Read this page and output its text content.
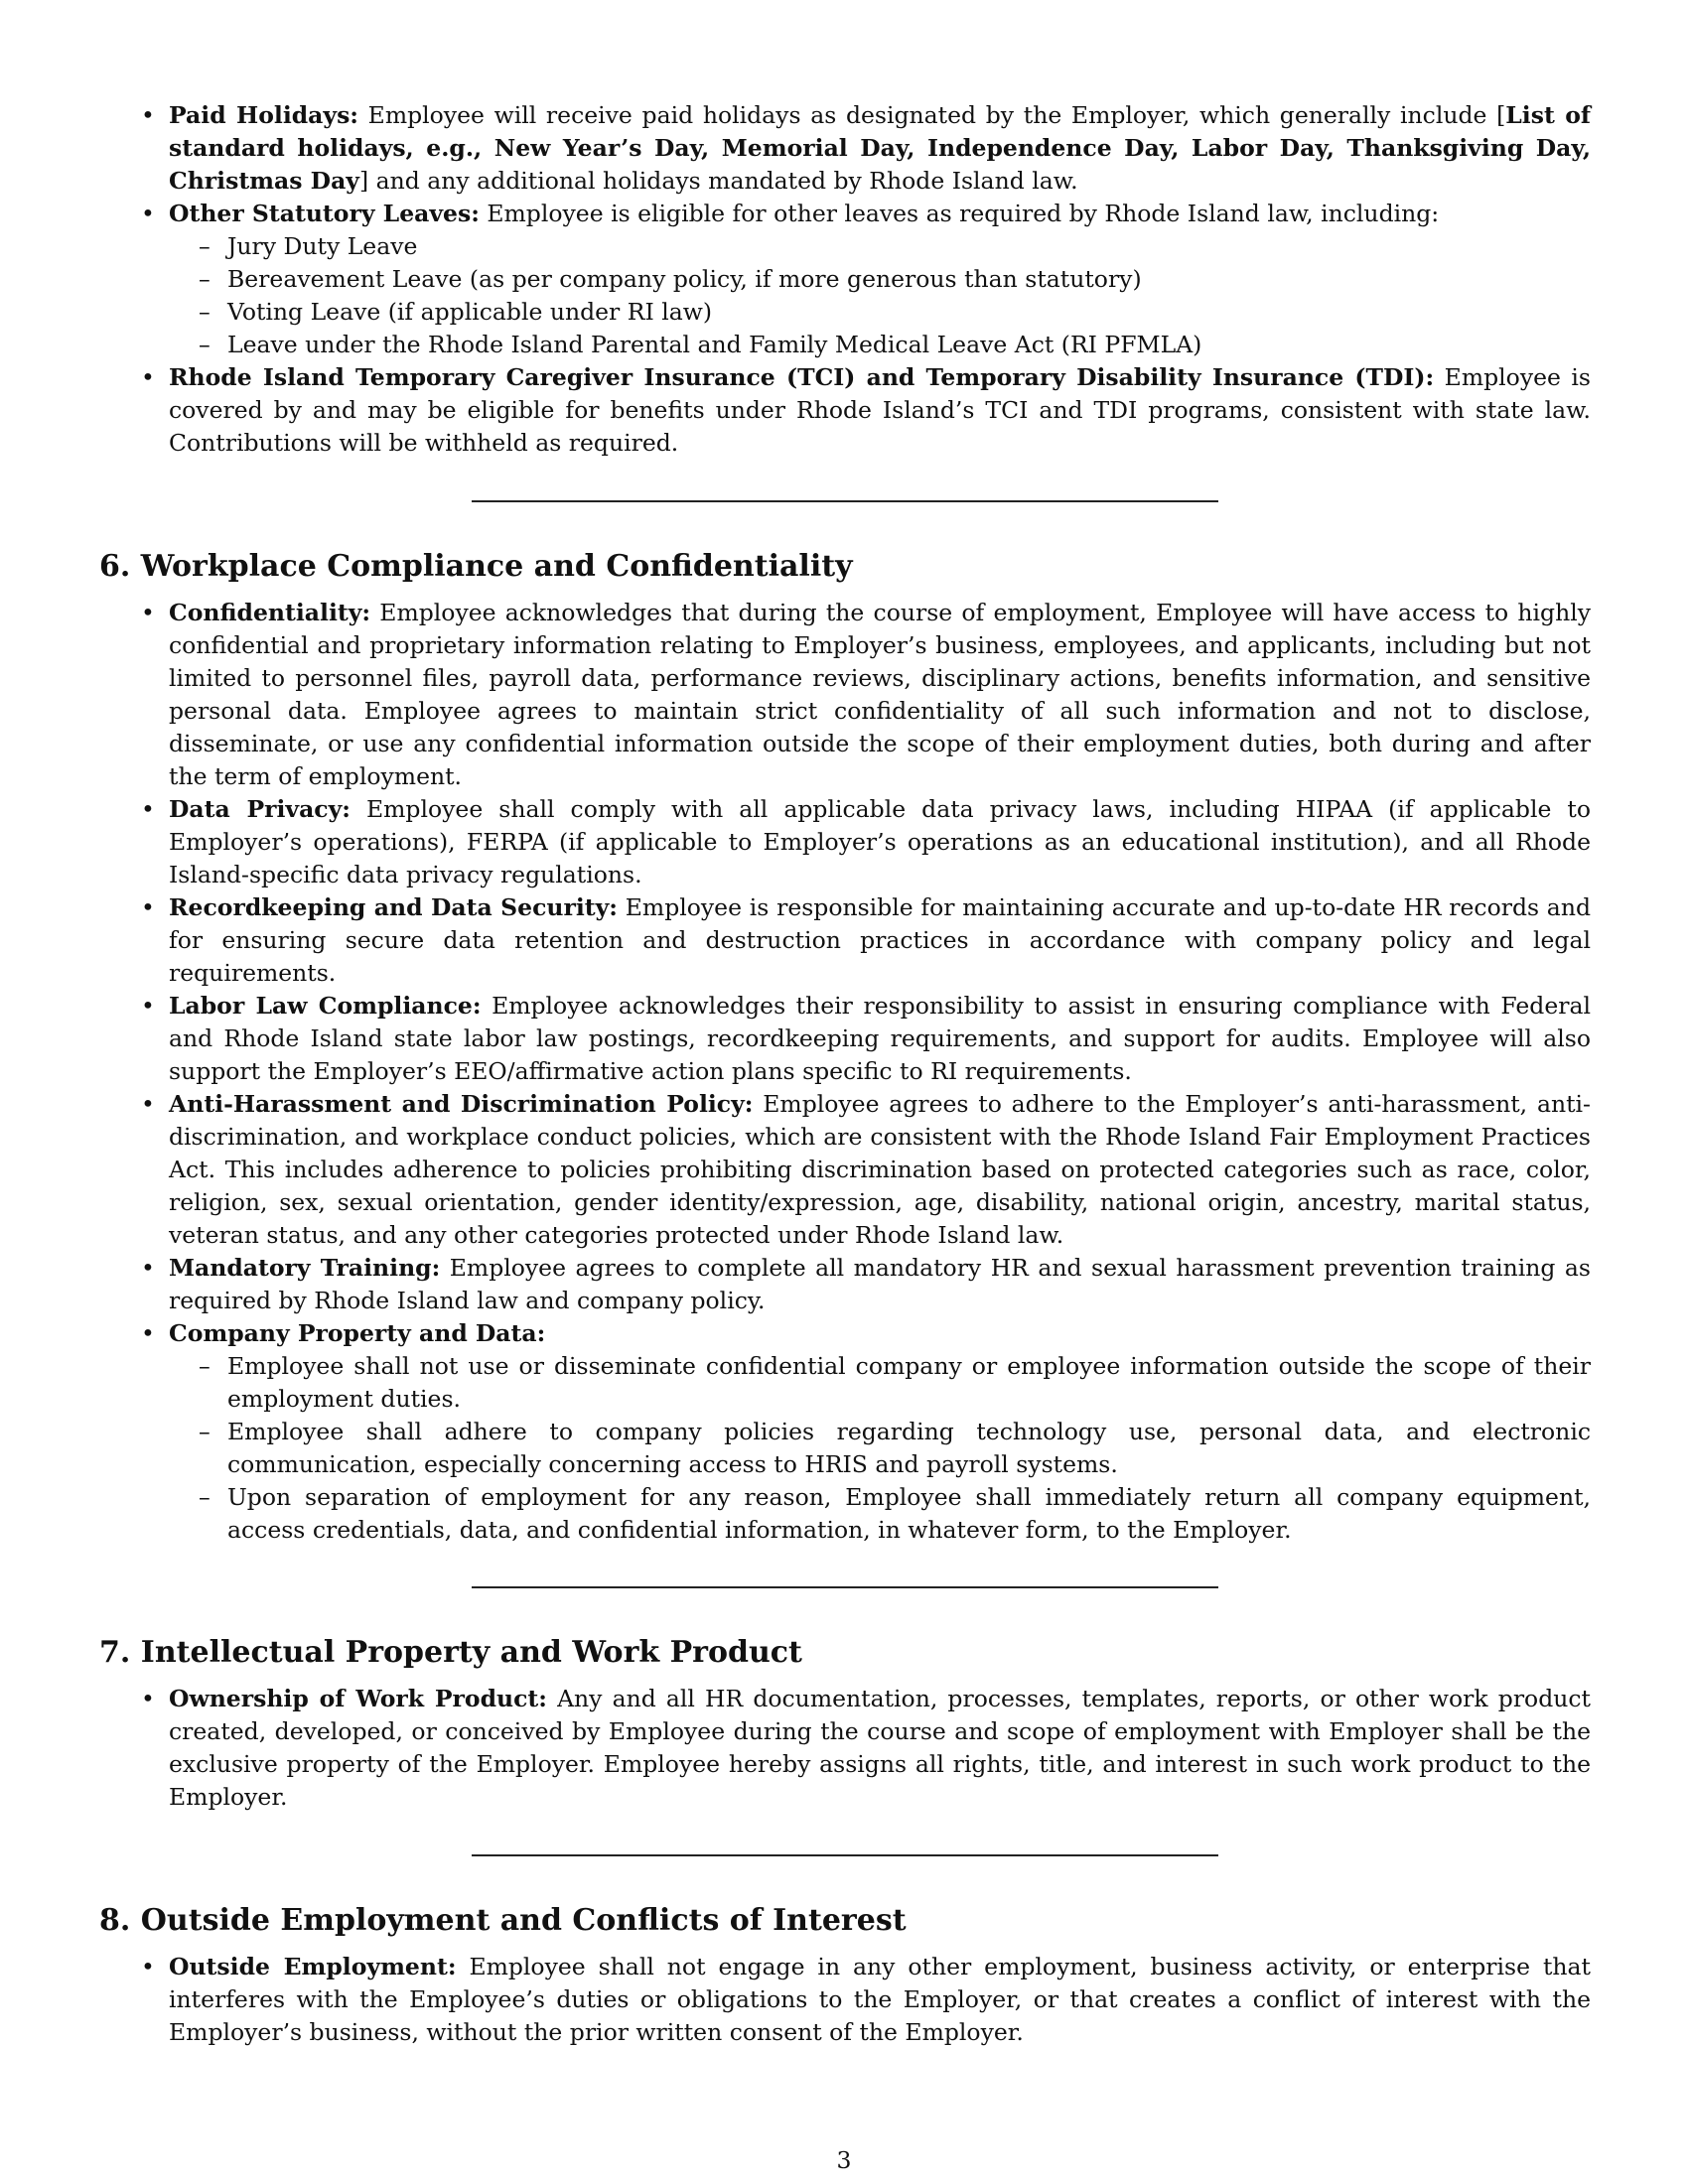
• Paid Holidays: Employee will receive paid holidays as designated by the Employer, which generally include [List of standard holidays, e.g., New Year’s Day, Memorial Day, Independence Day, Labor Day, Thanksgiving Day, Christmas Day] and any additional holidays mandated by Rhode Island law.
• Other Statutory Leaves: Employee is eligible for other leaves as required by Rhode Island law, including:
– Jury Duty Leave
– Bereavement Leave (as per company policy, if more generous than statutory)
– Voting Leave (if applicable under RI law)
– Leave under the Rhode Island Parental and Family Medical Leave Act (RI PFMLA)
• Rhode Island Temporary Caregiver Insurance (TCI) and Temporary Disability Insurance (TDI): Employee is covered by and may be eligible for benefits under Rhode Island’s TCI and TDI programs, consistent with state law. Contributions will be withheld as required.
6. Workplace Compliance and Confidentiality
• Confidentiality: Employee acknowledges that during the course of employment, Employee will have access to highly confidential and proprietary information relating to Employer’s business, employees, and applicants, including but not limited to personnel files, payroll data, performance reviews, disciplinary actions, benefits information, and sensitive personal data. Employee agrees to maintain strict confidentiality of all such information and not to disclose, disseminate, or use any confidential information outside the scope of their employment duties, both during and after the term of employment.
• Data Privacy: Employee shall comply with all applicable data privacy laws, including HIPAA (if applicable to Employer’s operations), FERPA (if applicable to Employer’s operations as an educational institution), and all Rhode Island-specific data privacy regulations.
• Recordkeeping and Data Security: Employee is responsible for maintaining accurate and up-to-date HR records and for ensuring secure data retention and destruction practices in accordance with company policy and legal requirements.
• Labor Law Compliance: Employee acknowledges their responsibility to assist in ensuring compliance with Federal and Rhode Island state labor law postings, recordkeeping requirements, and support for audits. Employee will also support the Employer’s EEO/affirmative action plans specific to RI requirements.
• Anti-Harassment and Discrimination Policy: Employee agrees to adhere to the Employer’s anti-harassment, anti-discrimination, and workplace conduct policies, which are consistent with the Rhode Island Fair Employment Practices Act. This includes adherence to policies prohibiting discrimination based on protected categories such as race, color, religion, sex, sexual orientation, gender identity/expression, age, disability, national origin, ancestry, marital status, veteran status, and any other categories protected under Rhode Island law.
• Mandatory Training: Employee agrees to complete all mandatory HR and sexual harassment prevention training as required by Rhode Island law and company policy.
• Company Property and Data:
– Employee shall not use or disseminate confidential company or employee information outside the scope of their employment duties.
– Employee shall adhere to company policies regarding technology use, personal data, and electronic communication, especially concerning access to HRIS and payroll systems.
– Upon separation of employment for any reason, Employee shall immediately return all company equipment, access credentials, data, and confidential information, in whatever form, to the Employer.
7. Intellectual Property and Work Product
• Ownership of Work Product: Any and all HR documentation, processes, templates, reports, or other work product created, developed, or conceived by Employee during the course and scope of employment with Employer shall be the exclusive property of the Employer. Employee hereby assigns all rights, title, and interest in such work product to the Employer.
8. Outside Employment and Conflicts of Interest
• Outside Employment: Employee shall not engage in any other employment, business activity, or enterprise that interferes with the Employee’s duties or obligations to the Employer, or that creates a conflict of interest with the Employer’s business, without the prior written consent of the Employer.
3
